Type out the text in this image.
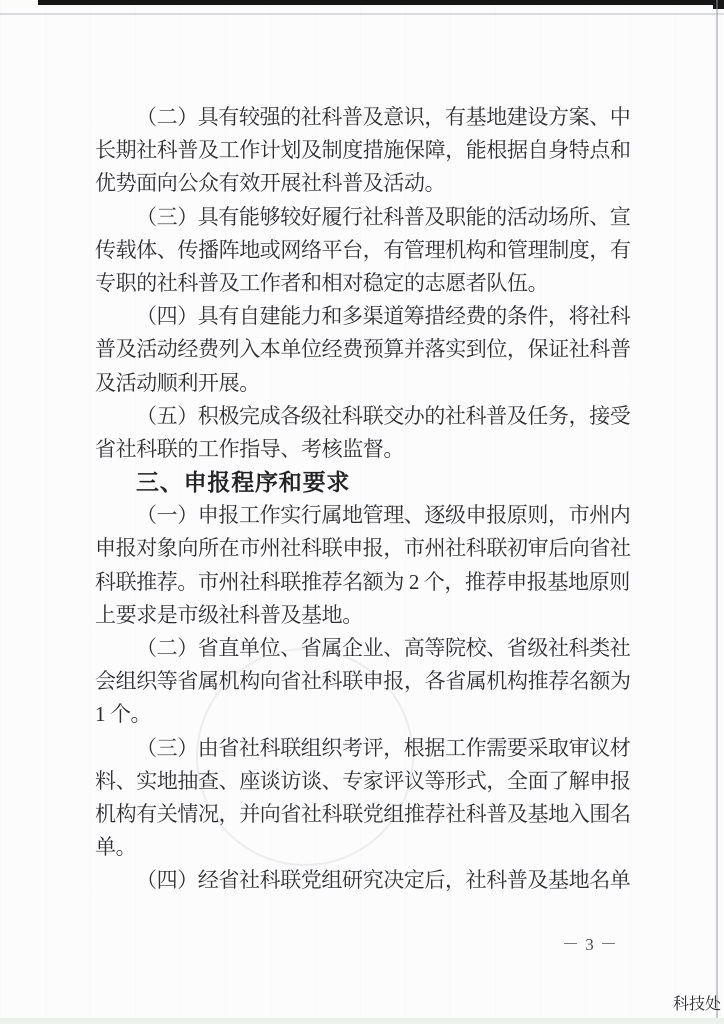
（二）具有较强的社科普及意识，有基地建设方案、中
长期社科普及工作计划及制度措施保障，能根据自身特点和
优势面向公众有效开展社科普及活动。
（三）具有能够较好履行社科普及职能的活动场所、宣
传载体、传播阵地或网络平台，有管理机构和管理制度，有
专职的社科普及工作者和相对稳定的志愿者队伍。
（四）具有自建能力和多渠道筹措经费的条件，将社科
普及活动经费列入本单位经费预算并落实到位，保证社科普
及活动顺利开展。
（五）积极完成各级社科联交办的社科普及任务，接受
省社科联的工作指导、考核监督。
三、申报程序和要求
（一）申报工作实行属地管理、逐级申报原则，市州内
申报对象向所在市州社科联申报，市州社科联初审后向省社
科联推荐。市州社科联推荐名额为 2 个，推荐申报基地原则
上要求是市级社科普及基地。
（二）省直单位、省属企业、高等院校、省级社科类社
会组织等省属机构向省社科联申报，各省属机构推荐名额为
1 个。
（三）由省社科联组织考评，根据工作需要采取审议材
料、实地抽查、座谈访谈、专家评议等形式，全面了解申报
机构有关情况，并向省社科联党组推荐社科普及基地入围名
单。
（四）经省社科联党组研究决定后，社科普及基地名单
－ 3 －
科技处
